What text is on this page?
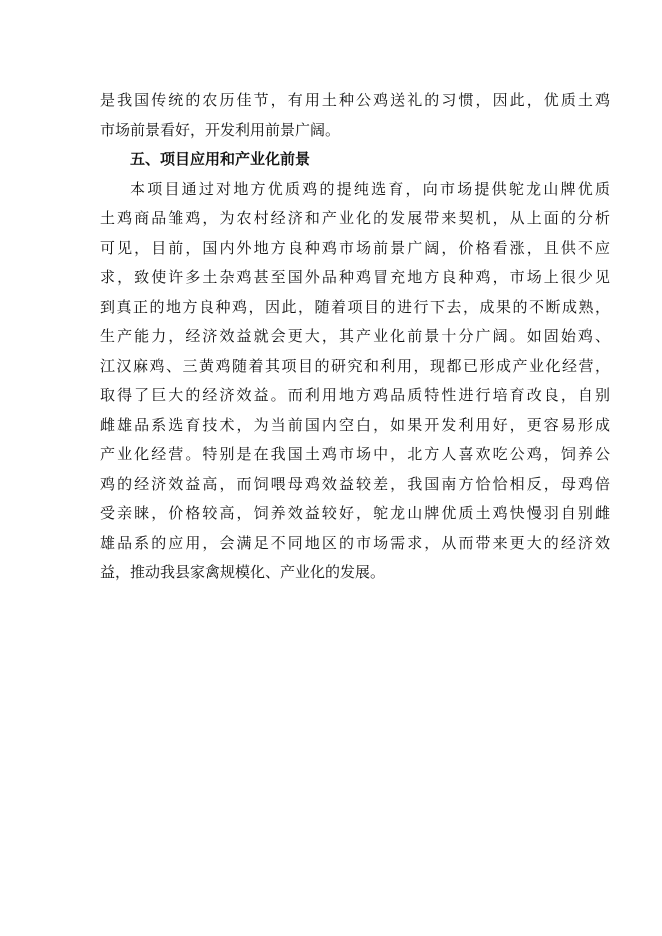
是我国传统的农历佳节，有用土种公鸡送礼的习惯，因此，优质土鸡
市场前景看好，开发利用前景广阔。
五、项目应用和产业化前景
本项目通过对地方优质鸡的提纯选育，向市场提供鸵龙山牌优质
土鸡商品雏鸡，为农村经济和产业化的发展带来契机，从上面的分析
可见，目前，国内外地方良种鸡市场前景广阔，价格看涨，且供不应
求，致使许多土杂鸡甚至国外品种鸡冒充地方良种鸡，市场上很少见
到真正的地方良种鸡，因此，随着项目的进行下去，成果的不断成熟，
生产能力，经济效益就会更大，其产业化前景十分广阔。如固始鸡、
江汉麻鸡、三黄鸡随着其项目的研究和利用，现都已形成产业化经营，
取得了巨大的经济效益。而利用地方鸡品质特性进行培育改良，自别
雌雄品系选育技术，为当前国内空白，如果开发利用好，更容易形成
产业化经营。特别是在我国土鸡市场中，北方人喜欢吃公鸡，饲养公
鸡的经济效益高，而饲喂母鸡效益较差，我国南方恰恰相反，母鸡倍
受亲睐，价格较高，饲养效益较好，鸵龙山牌优质土鸡快慢羽自别雌
雄品系的应用，会满足不同地区的市场需求，从而带来更大的经济效
益，推动我县家禽规模化、产业化的发展。
